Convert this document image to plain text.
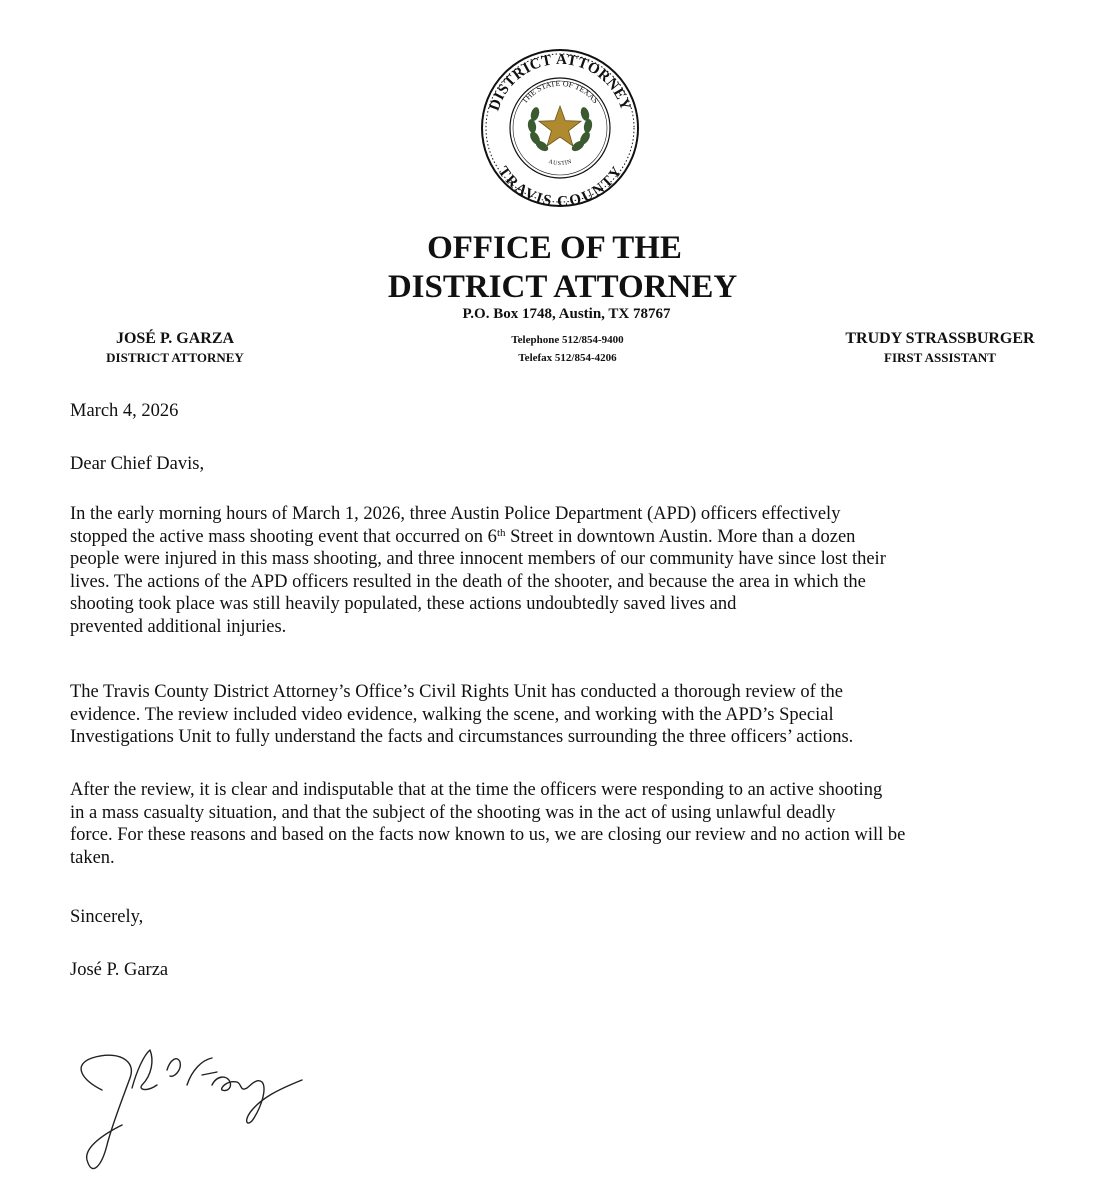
DISTRICT ATTORNEY
TRAVIS COUNTY
THE STATE OF TEXAS
AUSTIN
OFFICE OF THE
DISTRICT ATTORNEY
P.O. Box 1748, Austin, TX 78767
Telephone 512/854-9400
Telefax 512/854-4206
JOSÉ P. GARZA
DISTRICT ATTORNEY
TRUDY STRASSBURGER
FIRST ASSISTANT
March 4, 2026
Dear Chief Davis,
In the early morning hours of March 1, 2026, three Austin Police Department (APD) officers effectively
stopped the active mass shooting event that occurred on 6th Street in downtown Austin. More than a dozen
people were injured in this mass shooting, and three innocent members of our community have since lost their
lives. The actions of the APD officers resulted in the death of the shooter, and because the area in which the
shooting took place was still heavily populated, these actions undoubtedly saved lives and
prevented additional injuries.
The Travis County District Attorney’s Office’s Civil Rights Unit has conducted a thorough review of the
evidence. The review included video evidence, walking the scene, and working with the APD’s Special
Investigations Unit to fully understand the facts and circumstances surrounding the three officers’ actions.
After the review, it is clear and indisputable that at the time the officers were responding to an active shooting
in a mass casualty situation, and that the subject of the shooting was in the act of using unlawful deadly
force. For these reasons and based on the facts now known to us, we are closing our review and no action will be
taken.
Sincerely,
José P. Garza
